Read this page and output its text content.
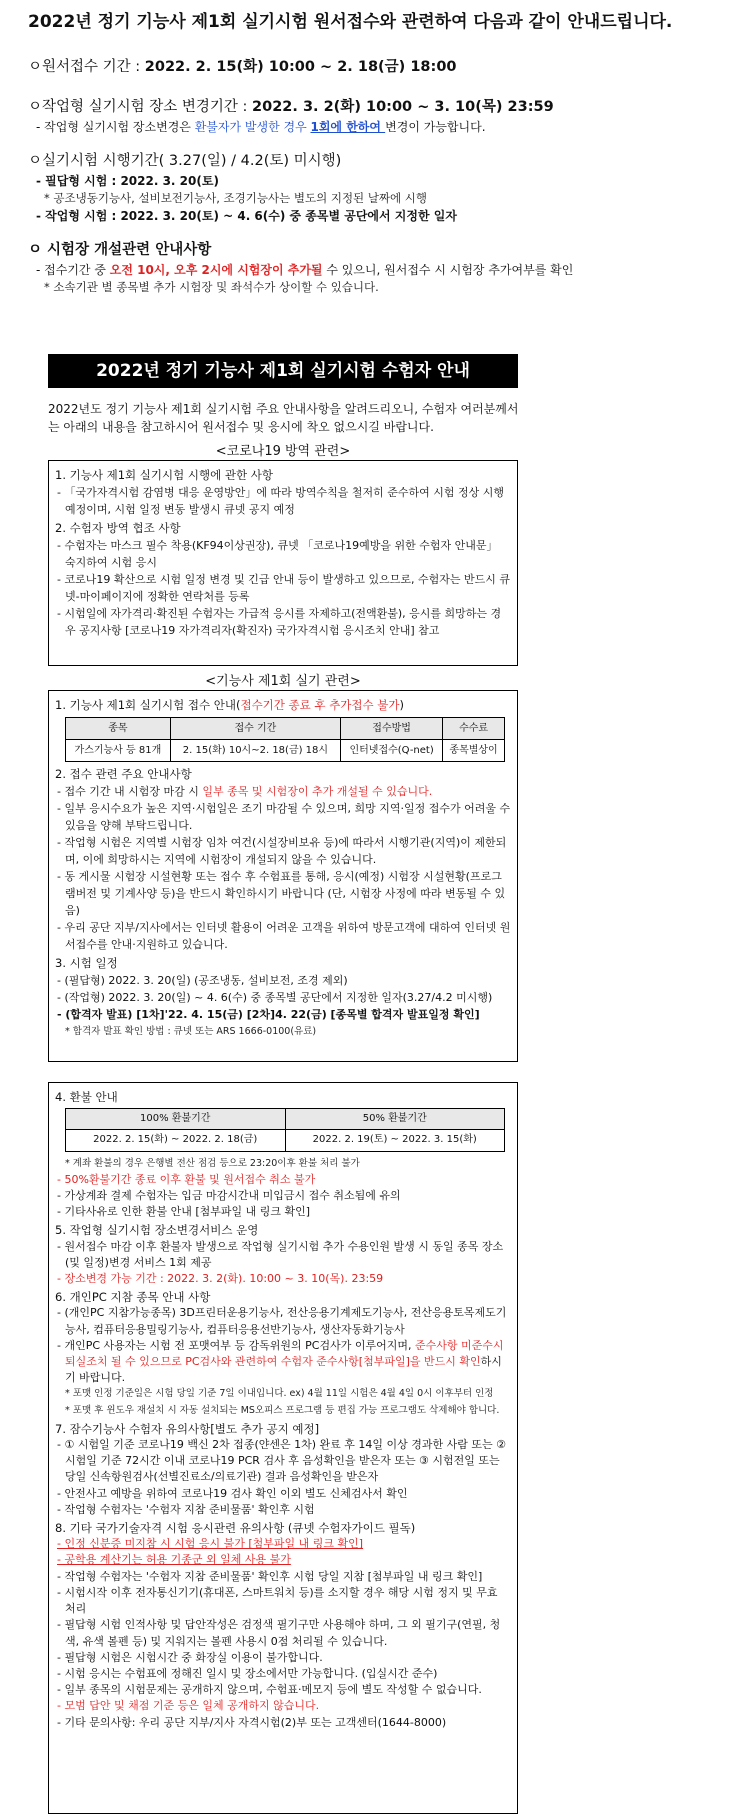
2022년 정기 기능사 제1회 실기시험 원서접수와 관련하여 다음과 같이 안내드립니다.
ㅇ원서접수 기간 : 2022. 2. 15(화) 10:00 ~ 2. 18(금) 18:00
ㅇ작업형 실기시험 장소 변경기간 : 2022. 3. 2(화) 10:00 ~ 3. 10(목) 23:59
- 작업형 실기시험 장소변경은 환불자가 발생한 경우 1회에 한하여 변경이 가능합니다.
ㅇ실기시험 시행기간( 3.27(일) / 4.2(토) 미시행)
- 필답형 시험 : 2022. 3. 20(토)
* 공조냉동기능사, 설비보전기능사, 조경기능사는 별도의 지정된 날짜에 시행
- 작업형 시험 : 2022. 3. 20(토) ~ 4. 6(수) 중 종목별 공단에서 지정한 일자
ㅇ 시험장 개설관련 안내사항
- 접수기간 중 오전 10시, 오후 2시에 시험장이 추가될 수 있으니, 원서접수 시 시험장 추가여부를 확인
* 소속기관 별 종목별 추가 시험장 및 좌석수가 상이할 수 있습니다.
2022년 정기 기능사 제1회 실기시험 수험자 안내
2022년도 정기 기능사 제1회 실기시험 주요 안내사항을 알려드리오니, 수험자 여러분께서는 아래의 내용을 참고하시어 원서접수 및 응시에 착오 없으시길 바랍니다.
<코로나19 방역 관련>
1. 기능사 제1회 실기시험 시행에 관한 사항
- 「국가자격시험 감염병 대응 운영방안」에 따라 방역수칙을 철저히 준수하여 시험 정상 시행 예정이며, 시험 일정 변동 발생시 큐넷 공지 예정
2. 수험자 방역 협조 사항
- 수험자는 마스크 필수 착용(KF94이상권장), 큐넷 「코로나19예방을 위한 수험자 안내문」 숙지하여 시험 응시
- 코로나19 확산으로 시험 일정 변경 및 긴급 안내 등이 발생하고 있으므로, 수험자는 반드시 큐넷-마이페이지에 정확한 연락처를 등록
- 시험일에 자가격리·확진된 수험자는 가급적 응시를 자제하고(전액환불), 응시를 희망하는 경우 공지사항 [코로나19 자가격리자(확진자) 국가자격시험 응시조치 안내] 참고
<기능사 제1회 실기 관련>
1. 기능사 제1회 실기시험 접수 안내(접수기간 종료 후 추가접수 불가)
종목	접수 기간	접수방법	수수료
가스기능사 등 81개	2. 15(화) 10시~2. 18(금) 18시	인터넷접수(Q-net)	종목별상이
2. 접수 관련 주요 안내사항
- 접수 기간 내 시험장 마감 시 일부 종목 및 시험장이 추가 개설될 수 있습니다.
- 일부 응시수요가 높은 지역·시험일은 조기 마감될 수 있으며, 희망 지역·일정 접수가 어려울 수 있음을 양해 부탁드립니다.
- 작업형 시험은 지역별 시험장 임차 여건(시설장비보유 등)에 따라서 시행기관(지역)이 제한되며, 이에 희망하시는 지역에 시험장이 개설되지 않을 수 있습니다.
- 동 게시물 시험장 시설현황 또는 접수 후 수험표를 통해, 응시(예정) 시험장 시설현황(프로그램버전 및 기계사양 등)을 반드시 확인하시기 바랍니다 (단, 시험장 사정에 따라 변동될 수 있음)
- 우리 공단 지부/지사에서는 인터넷 활용이 어려운 고객을 위하여 방문고객에 대하여 인터넷 원서접수를 안내·지원하고 있습니다.
3. 시험 일정
- (필답형) 2022. 3. 20(일) (공조냉동, 설비보전, 조경 제외)
- (작업형) 2022. 3. 20(일) ~ 4. 6(수) 중 종목별 공단에서 지정한 일자(3.27/4.2 미시행)
- (합격자 발표) [1차]'22. 4. 15(금) [2차]4. 22(금) [종목별 합격자 발표일정 확인]
* 합격자 발표 확인 방법 : 큐넷 또는 ARS 1666-0100(유료)
4. 환불 안내
100% 환불기간	50% 환불기간
2022. 2. 15(화) ~ 2022. 2. 18(금)	2022. 2. 19(토) ~ 2022. 3. 15(화)
* 계좌 환불의 경우 은행별 전산 점검 등으로 23:20이후 환불 처리 불가
- 50%환불기간 종료 이후 환불 및 원서접수 취소 불가
- 가상계좌 결제 수험자는 입금 마감시간내 미입금시 접수 취소됨에 유의
- 기타사유로 인한 환불 안내 [첨부파일 내 링크 확인]
5. 작업형 실기시험 장소변경서비스 운영
- 원서접수 마감 이후 환불자 발생으로 작업형 실기시험 추가 수용인원 발생 시 동일 종목 장소(및 일정)변경 서비스 1회 제공
- 장소변경 가능 기간 : 2022. 3. 2(화). 10:00 ~ 3. 10(목). 23:59
6. 개인PC 지참 종목 안내 사항
- (개인PC 지참가능종목) 3D프린터운용기능사, 전산응용기계제도기능사, 전산응용토목제도기능사, 컴퓨터응용밀링기능사, 컴퓨터응용선반기능사, 생산자동화기능사
- 개인PC 사용자는 시험 전 포맷여부 등 감독위원의 PC검사가 이루어지며, 준수사항 미준수시 퇴실조치 될 수 있으므로 PC검사와 관련하여 수험자 준수사항[첨부파일]을 반드시 확인하시기 바랍니다.
* 포맷 인정 기준일은 시험 당일 기준 7일 이내입니다. ex) 4월 11일 시험은 4월 4일 0시 이후부터 인정
* 포맷 후 윈도우 재설치 시 자동 설치되는 MS오피스 프로그램 등 편집 가능 프로그램도 삭제해야 합니다.
7. 잠수기능사 수험자 유의사항[별도 추가 공지 예정]
- ① 시험일 기준 코로나19 백신 2차 접종(얀센은 1차) 완료 후 14일 이상 경과한 사람 또는 ② 시험일 기준 72시간 이내 코로나19 PCR 검사 후 음성확인을 받은자 또는 ③ 시험전일 또는 당일 신속항원검사(선별진료소/의료기관) 결과 음성확인을 받은자
- 안전사고 예방을 위하여 코로나19 검사 확인 이외 별도 신체검사서 확인
- 작업형 수험자는 '수험자 지참 준비물품' 확인후 시험
8. 기타 국가기술자격 시험 응시관련 유의사항 (큐넷 수험자가이드 필독)
- 인정 신분증 미지참 시 시험 응시 불가 [첨부파일 내 링크 확인]
- 공학용 계산기는 허용 기종군 외 일체 사용 불가
- 작업형 수험자는 '수험자 지참 준비물품' 확인후 시험 당일 지참 [첨부파일 내 링크 확인]
- 시험시작 이후 전자통신기기(휴대폰, 스마트워치 등)를 소지할 경우 해당 시험 정지 및 무효 처리
- 필답형 시험 인적사항 및 답안작성은 검정색 필기구만 사용해야 하며, 그 외 필기구(연필, 청색, 유색 볼펜 등) 및 지워지는 볼펜 사용시 0점 처리될 수 있습니다.
- 필답형 시험은 시험시간 중 화장실 이용이 불가합니다.
- 시험 응시는 수험표에 정해진 일시 및 장소에서만 가능합니다. (입실시간 준수)
- 일부 종목의 시험문제는 공개하지 않으며, 수험표·메모지 등에 별도 작성할 수 없습니다.
- 모범 답안 및 채점 기준 등은 일체 공개하지 않습니다.
- 기타 문의사항: 우리 공단 지부/지사 자격시험(2)부 또는 고객센터(1644-8000)
